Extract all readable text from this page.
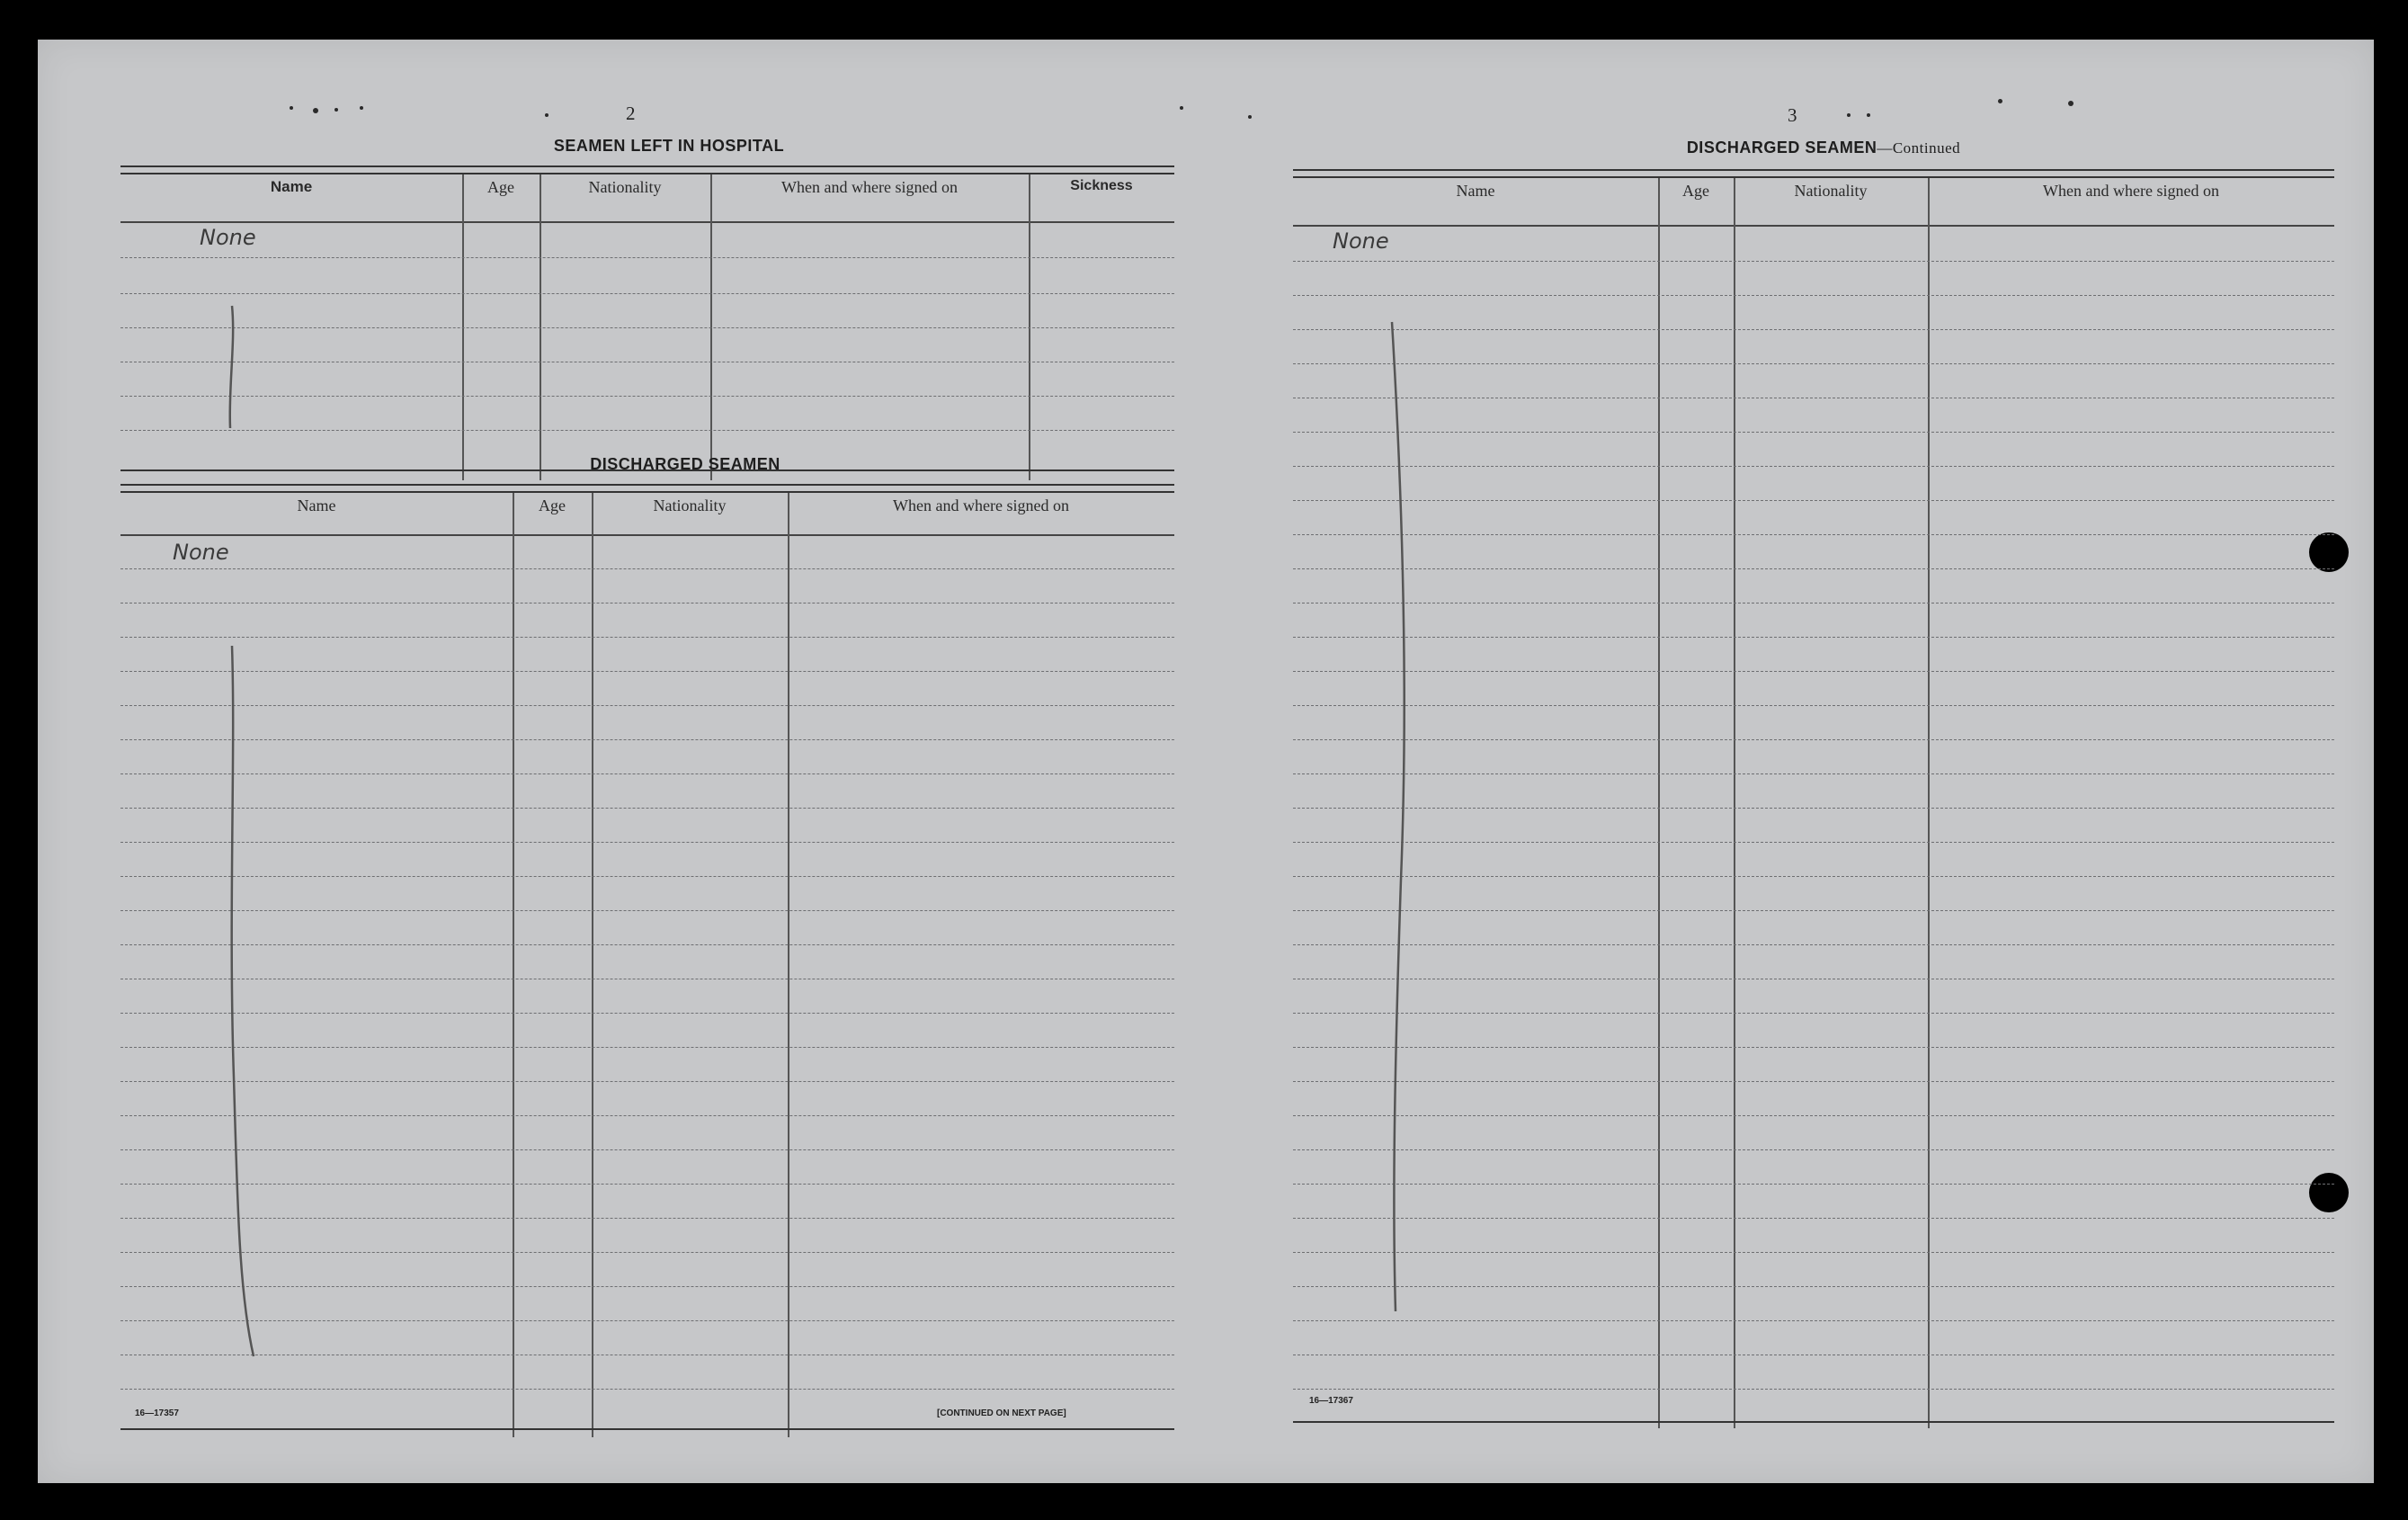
2
SEAMEN LEFT IN HOSPITAL
Name	Age	Nationality	When and where signed on	Sickness
None
DISCHARGED SEAMEN
Name	Age	Nationality	When and where signed on
None
16—17357	[CONTINUED ON NEXT PAGE]
3
DISCHARGED SEAMEN—Continued
Name	Age	Nationality	When and where signed on
None
16—17367
